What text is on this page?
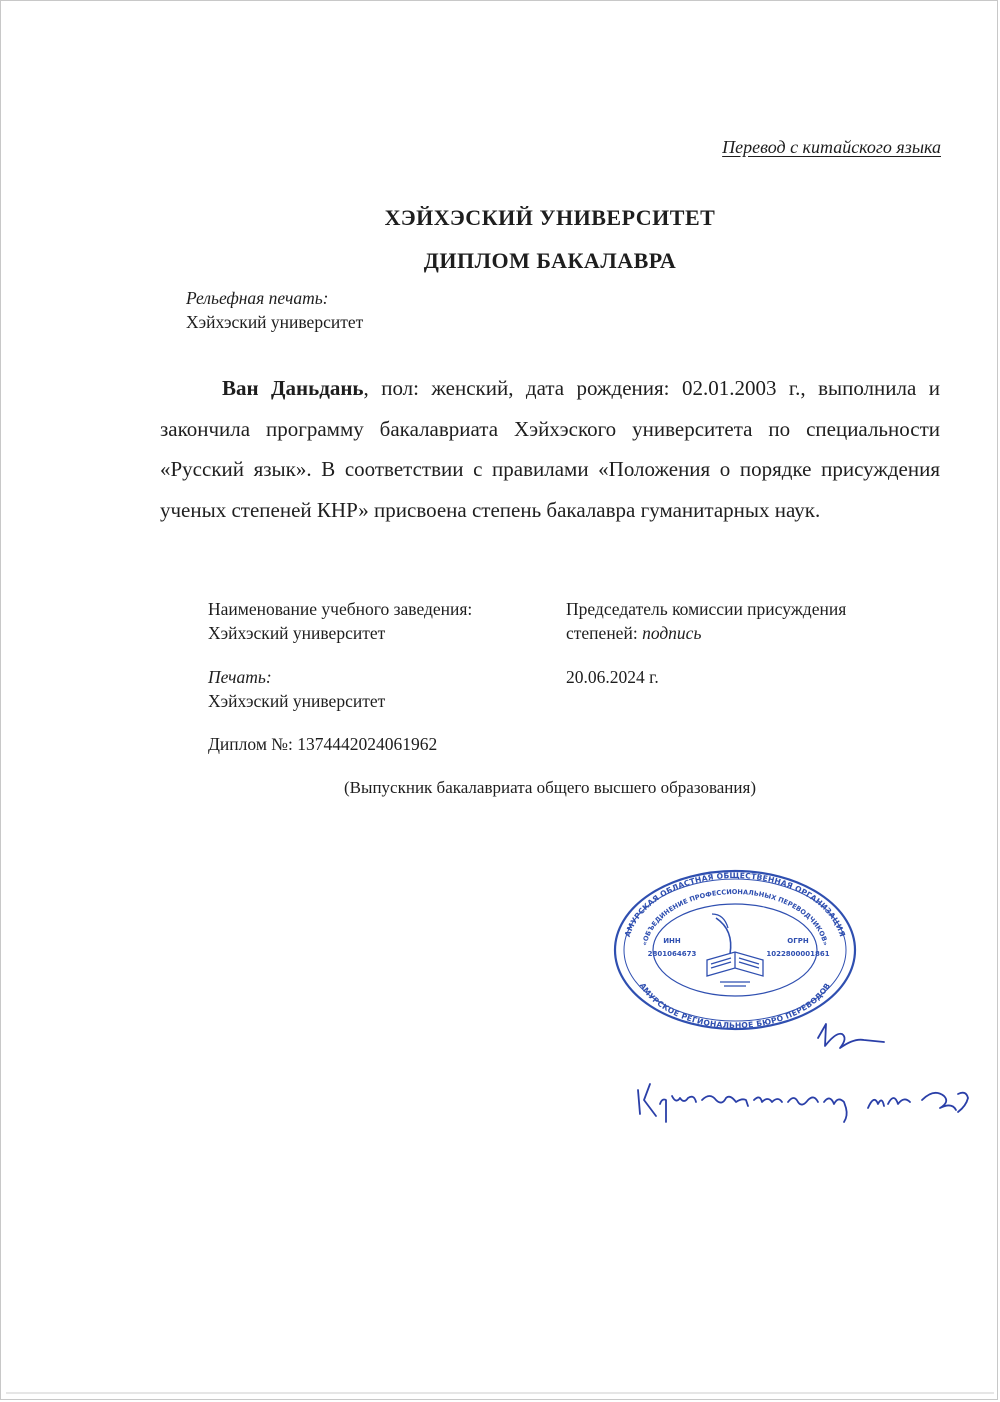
Перевод с китайского языка

ХЭЙХЭСКИЙ УНИВЕРСИТЕТ

ДИПЛОМ БАКАЛАВРА

Рельефная печать:
Хэйхэский университет

Ван Даньдань, пол: женский, дата рождения: 02.01.2003 г., выполнила и закончила программу бакалавриата Хэйхэского университета по специальности «Русский язык». В соответствии с правилами «Положения о порядке присуждения ученых степеней КНР» присвоена степень бакалавра гуманитарных наук.

Наименование учебного заведения:
Хэйхэский университет
Председатель комиссии присуждения
степеней: подпись
Печать:
Хэйхэский университет
20.06.2024 г.
Диплом №: 1374442024061962

(Выпускник бакалавриата общего высшего образования)

АМУРСКАЯ ОБЛАСТНАЯ ОБЩЕСТВЕННАЯ ОРГАНИЗАЦИЯ
«ОБЪЕДИНЕНИЕ ПРОФЕССИОНАЛЬНЫХ ПЕРЕВОДЧИКОВ»
АМУРСКОЕ РЕГИОНАЛЬНОЕ БЮРО ПЕРЕВОДОВ
ИНН
2801064673
ОГРН
1022800001861
